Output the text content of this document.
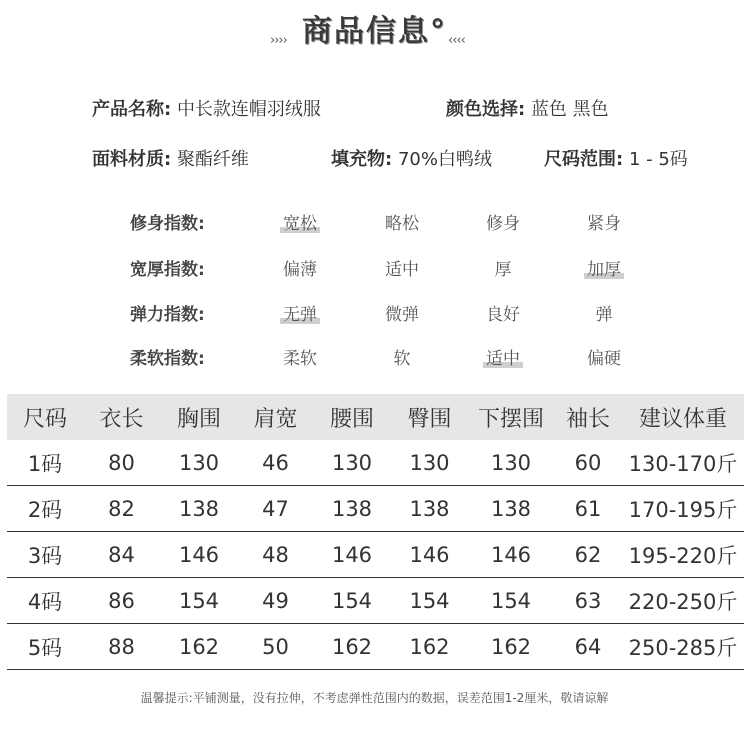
商品信息°
››››	‹‹‹‹
产品名称: 中长款连帽羽绒服	颜色选择: 蓝色 黑色
面料材质: 聚酯纤维	填充物: 70%白鸭绒	尺码范围: 1 - 5码
修身指数:	宽松	略松	修身	紧身
宽厚指数:	偏薄	适中	厚	加厚
弹力指数:	无弹	微弹	良好	弹
柔软指数:	柔软	软	适中	偏硬
尺码	衣长	胸围	肩宽	腰围	臀围	下摆围	袖长	建议体重
1码	80	130	46	130	130	130	60	130-170斤
2码	82	138	47	138	138	138	61	170-195斤
3码	84	146	48	146	146	146	62	195-220斤
4码	86	154	49	154	154	154	63	220-250斤
5码	88	162	50	162	162	162	64	250-285斤
温馨提示:平铺测量，没有拉伸，不考虑弹性范围内的数据，误差范围1-2厘米，敬请谅解
